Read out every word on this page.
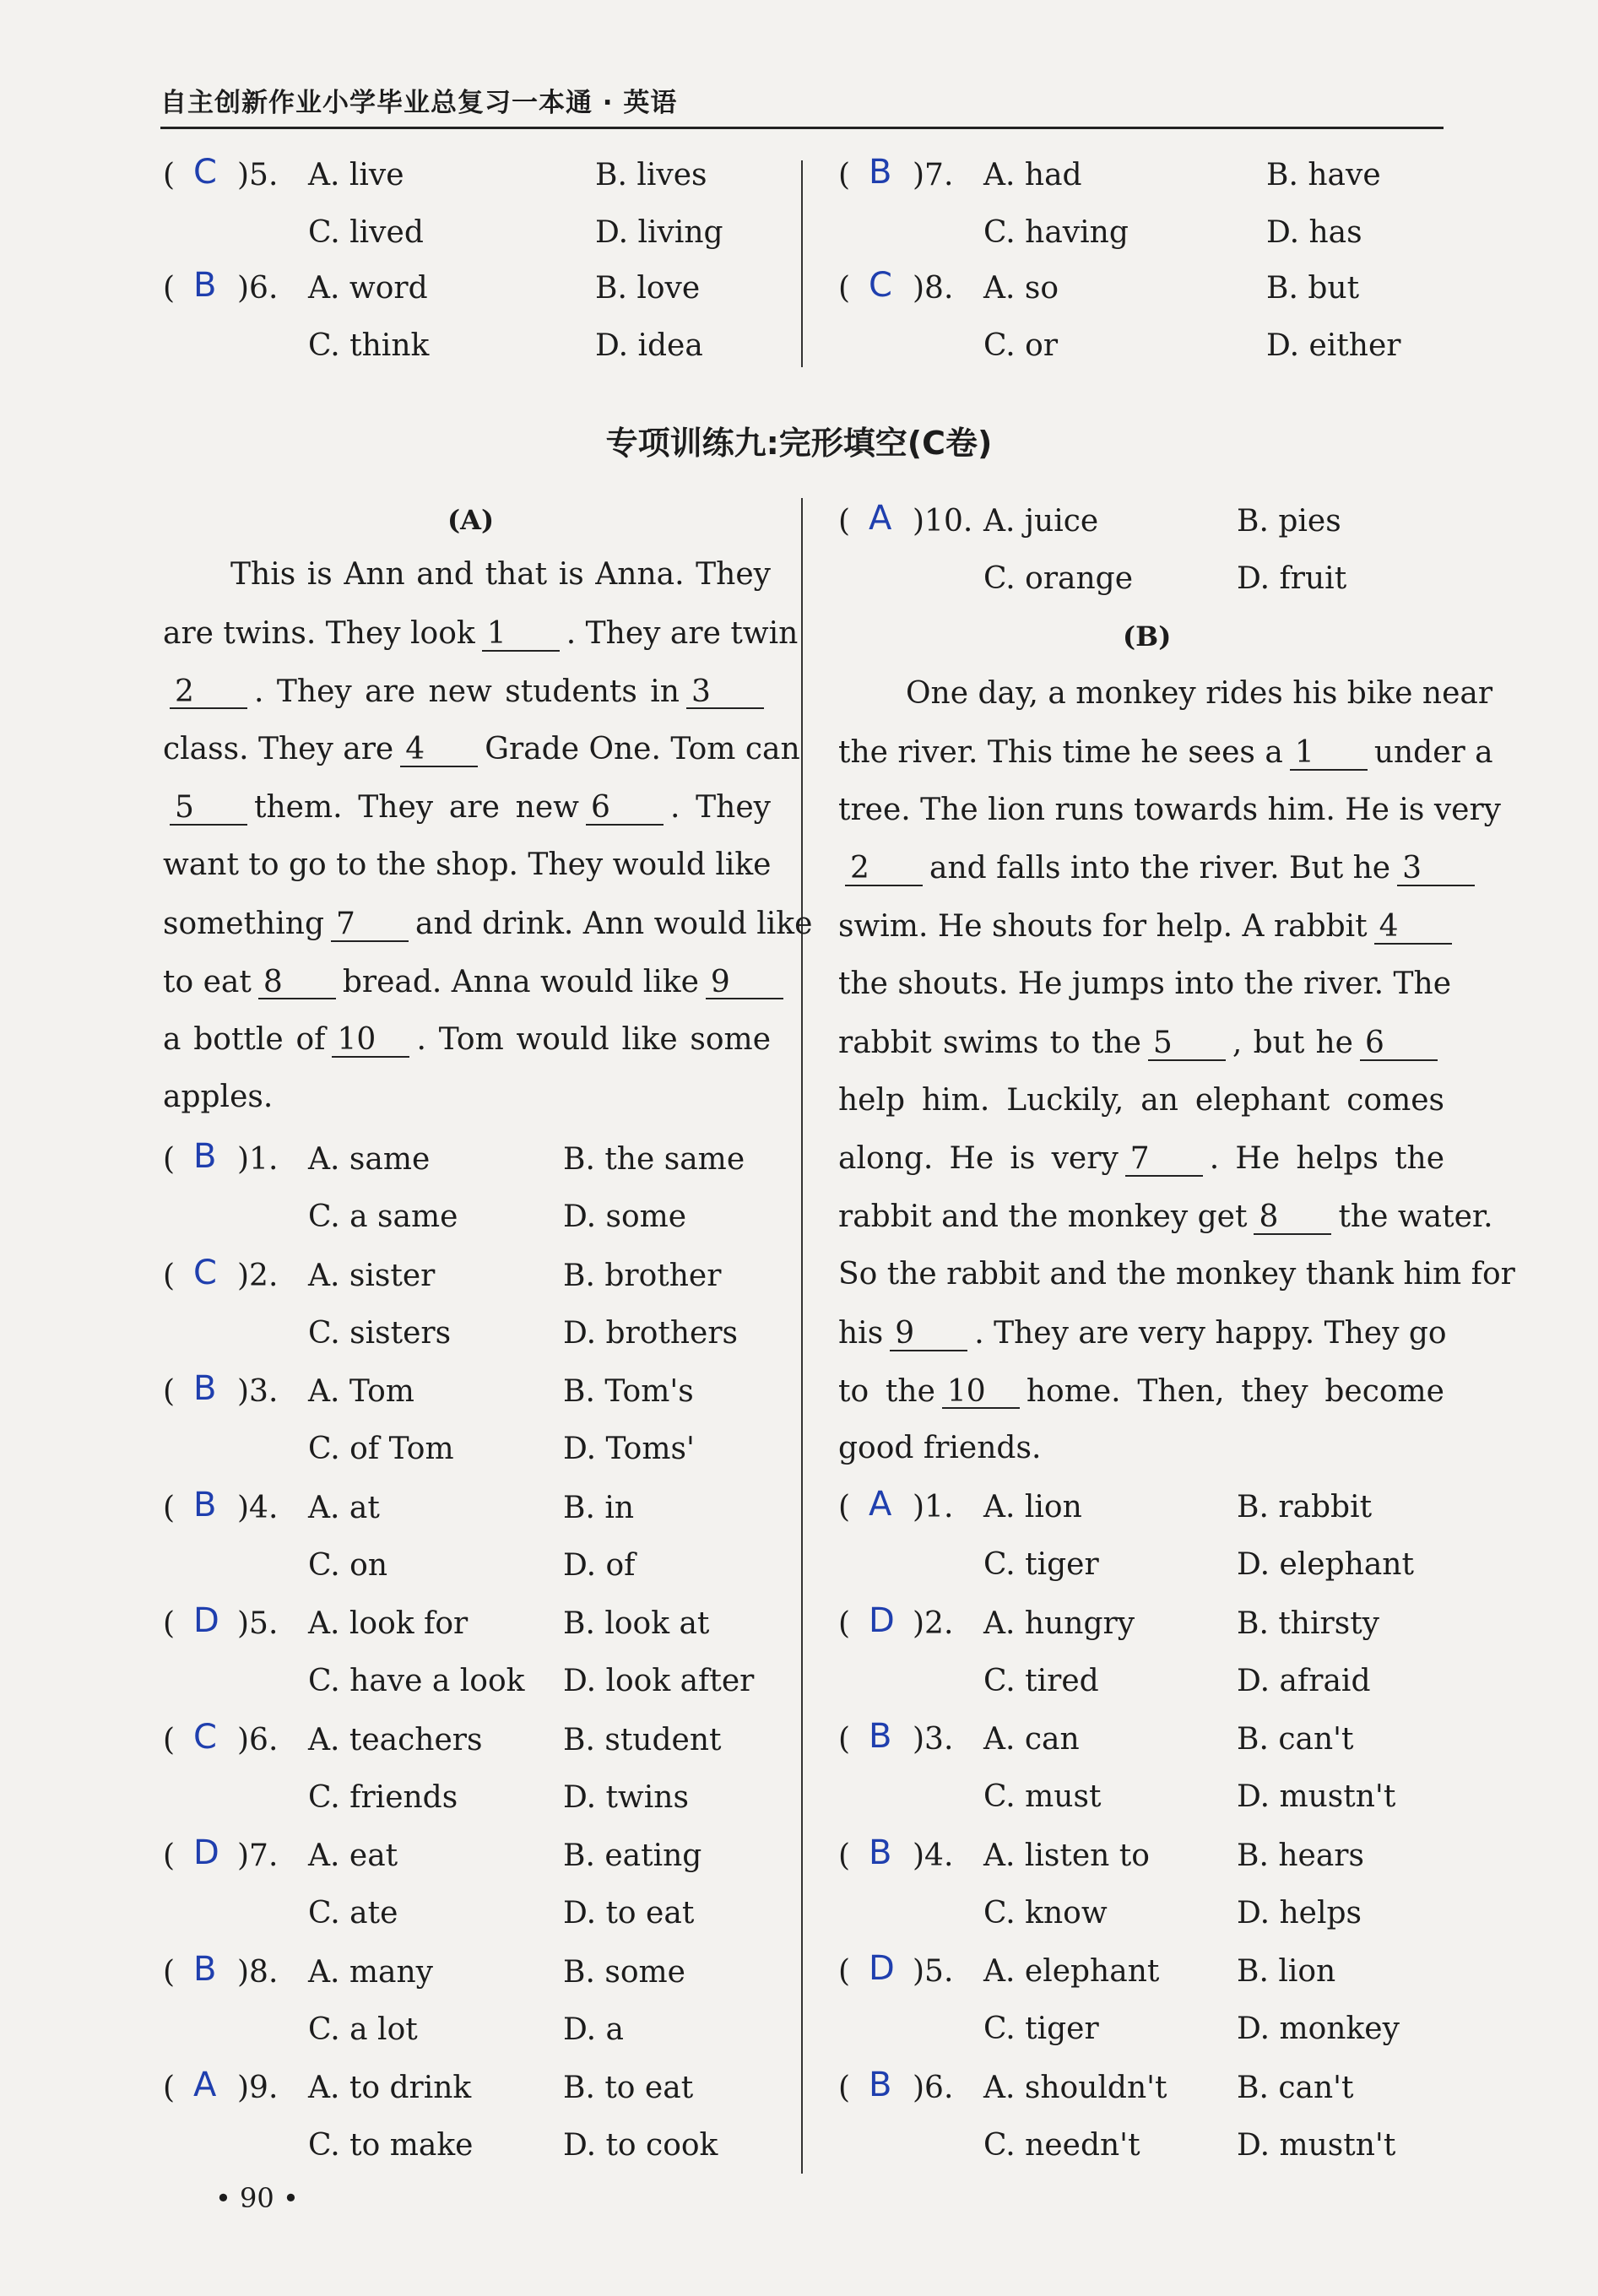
自主创新作业小学毕业总复习一本通 · 英语
专项训练九:完形填空(C卷)
( C )5. A. live	B. lives
C. lived	D. living
( B )6. A. word	B. love
C. think	D. idea
( B )7. A. had	B. have
C. having	D. has
( C )8. A. so	B. but
C. or	D. either
(A)
This is Ann and that is Anna. They
are twins. They look 1 . They are twin
2 . They are new students in 3
class. They are 4 Grade One. Tom can
5 them. They are new 6 . They
want to go to the shop. They would like
something 7 and drink. Ann would like
to eat 8 bread. Anna would like 9
a bottle of 10 . Tom would like some
apples.
( B )1. A. same	B. the same
C. a same	D. some
( C )2. A. sister	B. brother
C. sisters	D. brothers
( B )3. A. Tom	B. Tom's
C. of Tom	D. Toms'
( B )4. A. at	B. in
C. on	D. of
( D )5. A. look for	B. look at
C. have a look D. look after
( C )6. A. teachers	B. student
C. friends	D. twins
( D )7. A. eat	B. eating
C. ate	D. to eat
( B )8. A. many	B. some
C. a lot	D. a
( A )9. A. to drink	B. to eat
C. to make	D. to cook
( A )10. A. juice	B. pies
C. orange	D. fruit
(B)
One day, a monkey rides his bike near
the river. This time he sees a 1 under a
tree. The lion runs towards him. He is very
2 and falls into the river. But he 3
swim. He shouts for help. A rabbit 4
the shouts. He jumps into the river. The
rabbit swims to the 5 , but he 6
help him. Luckily, an elephant comes
along. He is very 7 . He helps the
rabbit and the monkey get 8 the water.
So the rabbit and the monkey thank him for
his 9 . They are very happy. They go
to the 10 home. Then, they become
good friends.
( A )1. A. lion	B. rabbit
C. tiger	D. elephant
( D )2. A. hungry	B. thirsty
C. tired	D. afraid
( B )3. A. can	B. can't
C. must	D. mustn't
( B )4. A. listen to	B. hears
C. know	D. helps
( D )5. A. elephant	B. lion
C. tiger	D. monkey
( B )6. A. shouldn't B. can't
C. needn't	D. mustn't
• 90 •
